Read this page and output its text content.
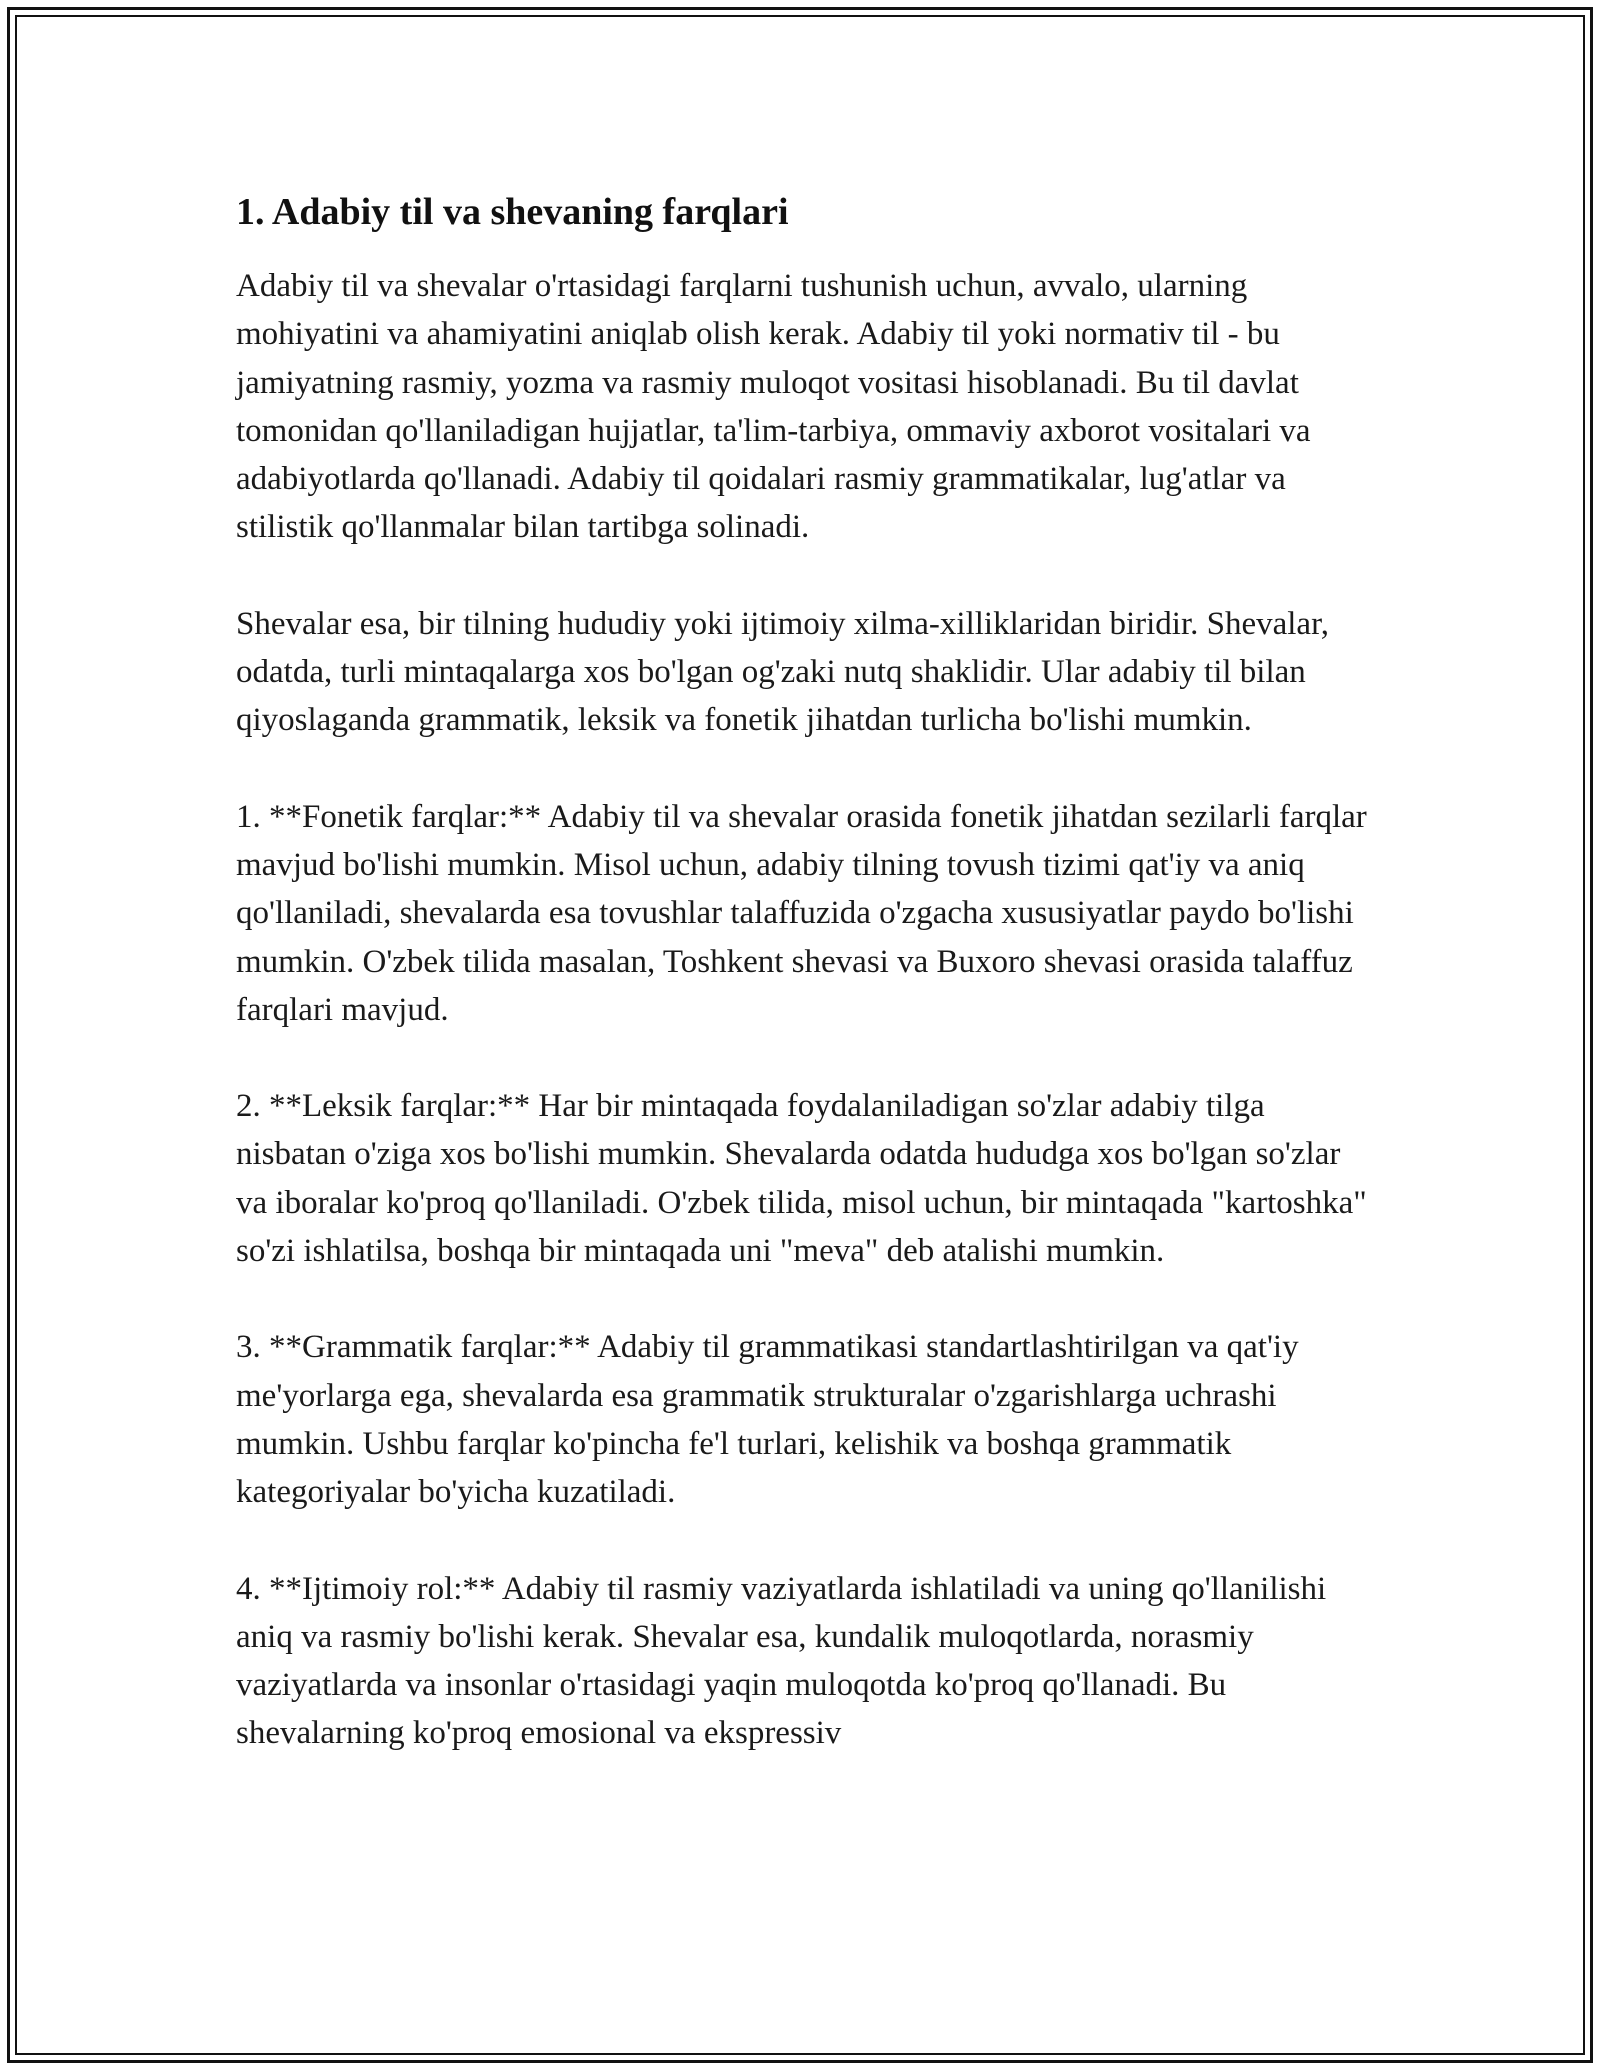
1. Adabiy til va shevaning farqlari

Adabiy til va shevalar o'rtasidagi farqlarni tushunish uchun, avvalo, ularning mohiyatini va ahamiyatini aniqlab olish kerak. Adabiy til yoki normativ til - bu jamiyatning rasmiy, yozma va rasmiy muloqot vositasi hisoblanadi. Bu til davlat tomonidan qo'llaniladigan hujjatlar, ta'lim-tarbiya, ommaviy axborot vositalari va adabiyotlarda qo'llanadi. Adabiy til qoidalari rasmiy grammatikalar, lug'atlar va stilistik qo'llanmalar bilan tartibga solinadi.

Shevalar esa, bir tilning hududiy yoki ijtimoiy xilma-xilliklaridan biridir. Shevalar, odatda, turli mintaqalarga xos bo'lgan og'zaki nutq shaklidir. Ular adabiy til bilan qiyoslaganda grammatik, leksik va fonetik jihatdan turlicha bo'lishi mumkin.

1. **Fonetik farqlar:** Adabiy til va shevalar orasida fonetik jihatdan sezilarli farqlar mavjud bo'lishi mumkin. Misol uchun, adabiy tilning tovush tizimi qat'iy va aniq qo'llaniladi, shevalarda esa tovushlar talaffuzida o'zgacha xususiyatlar paydo bo'lishi mumkin. O'zbek tilida masalan, Toshkent shevasi va Buxoro shevasi orasida talaffuz farqlari mavjud.

2. **Leksik farqlar:** Har bir mintaqada foydalaniladigan so'zlar adabiy tilga nisbatan o'ziga xos bo'lishi mumkin. Shevalarda odatda hududga xos bo'lgan so'zlar va iboralar ko'proq qo'llaniladi. O'zbek tilida, misol uchun, bir mintaqada "kartoshka" so'zi ishlatilsa, boshqa bir mintaqada uni "meva" deb atalishi mumkin.

3. **Grammatik farqlar:** Adabiy til grammatikasi standartlashtirilgan va qat'iy me'yorlarga ega, shevalarda esa grammatik strukturalar o'zgarishlarga uchrashi mumkin. Ushbu farqlar ko'pincha fe'l turlari, kelishik va boshqa grammatik kategoriyalar bo'yicha kuzatiladi.

4. **Ijtimoiy rol:** Adabiy til rasmiy vaziyatlarda ishlatiladi va uning qo'llanilishi aniq va rasmiy bo'lishi kerak. Shevalar esa, kundalik muloqotlarda, norasmiy vaziyatlarda va insonlar o'rtasidagi yaqin muloqotda ko'proq qo'llanadi. Bu shevalarning ko'proq emosional va ekspressiv
